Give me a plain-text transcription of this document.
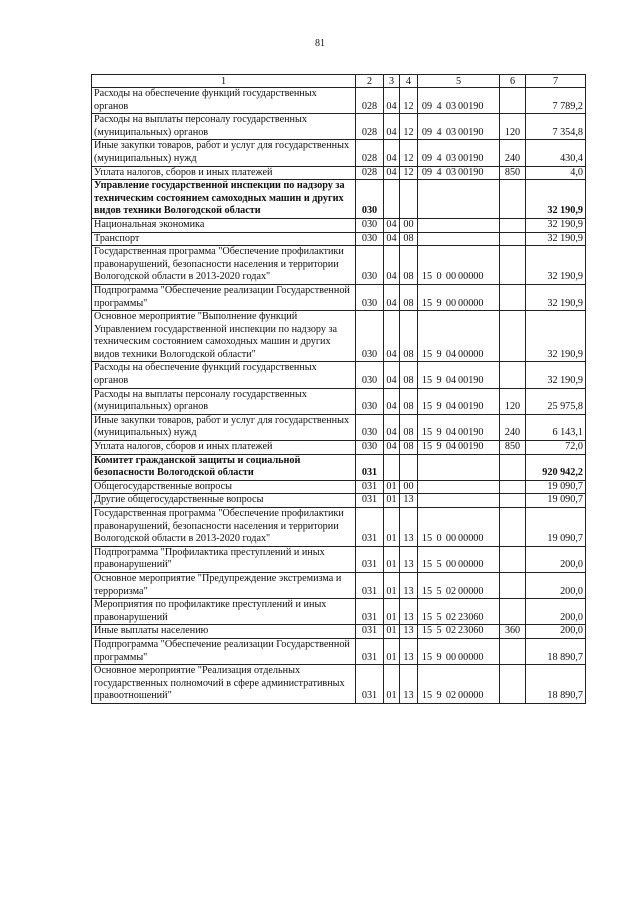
81
1	2	3	4	5	6	7
Расходы на обеспечение функций государственных органов	028	04	12	09 4 03 00190		7 789,2
Расходы на выплаты персоналу государственных (муниципальных) органов	028	04	12	09 4 03 00190	120	7 354,8
Иные закупки товаров, работ и услуг для государственных (муниципальных) нужд	028	04	12	09 4 03 00190	240	430,4
Уплата налогов, сборов и иных платежей	028	04	12	09 4 03 00190	850	4,0
Управление государственной инспекции по надзору за техническим состоянием самоходных машин и других видов техники Вологодской области	030					32 190,9
Национальная экономика	030	04	00			32 190,9
Транспорт	030	04	08			32 190,9
Государственная программа "Обеспечение профилактики правонарушений, безопасности населения и территории Вологодской области в 2013-2020 годах"	030	04	08	15 0 00 00000		32 190,9
Подпрограмма "Обеспечение реализации Государственной программы"	030	04	08	15 9 00 00000		32 190,9
Основное мероприятие "Выполнение функций Управлением государственной инспекции по надзору за техническим состоянием самоходных машин и других видов техники Вологодской области"	030	04	08	15 9 04 00000		32 190,9
Расходы на обеспечение функций государственных органов	030	04	08	15 9 04 00190		32 190,9
Расходы на выплаты персоналу государственных (муниципальных) органов	030	04	08	15 9 04 00190	120	25 975,8
Иные закупки товаров, работ и услуг для государственных (муниципальных) нужд	030	04	08	15 9 04 00190	240	6 143,1
Уплата налогов, сборов и иных платежей	030	04	08	15 9 04 00190	850	72,0
Комитет гражданской защиты и социальной безопасности Вологодской области	031					920 942,2
Общегосударственные вопросы	031	01	00			19 090,7
Другие общегосударственные вопросы	031	01	13			19 090,7
Государственная программа "Обеспечение профилактики правонарушений, безопасности населения и территории Вологодской области в 2013-2020 годах"	031	01	13	15 0 00 00000		19 090,7
Подпрограмма "Профилактика преступлений и иных правонарушений"	031	01	13	15 5 00 00000		200,0
Основное мероприятие "Предупреждение экстремизма и терроризма"	031	01	13	15 5 02 00000		200,0
Мероприятия по профилактике преступлений и иных правонарушений	031	01	13	15 5 02 23060		200,0
Иные выплаты населению	031	01	13	15 5 02 23060	360	200,0
Подпрограмма "Обеспечение реализации Государственной программы"	031	01	13	15 9 00 00000		18 890,7
Основное мероприятие "Реализация отдельных государственных полномочий в сфере административных правоотношений"	031	01	13	15 9 02 00000		18 890,7
